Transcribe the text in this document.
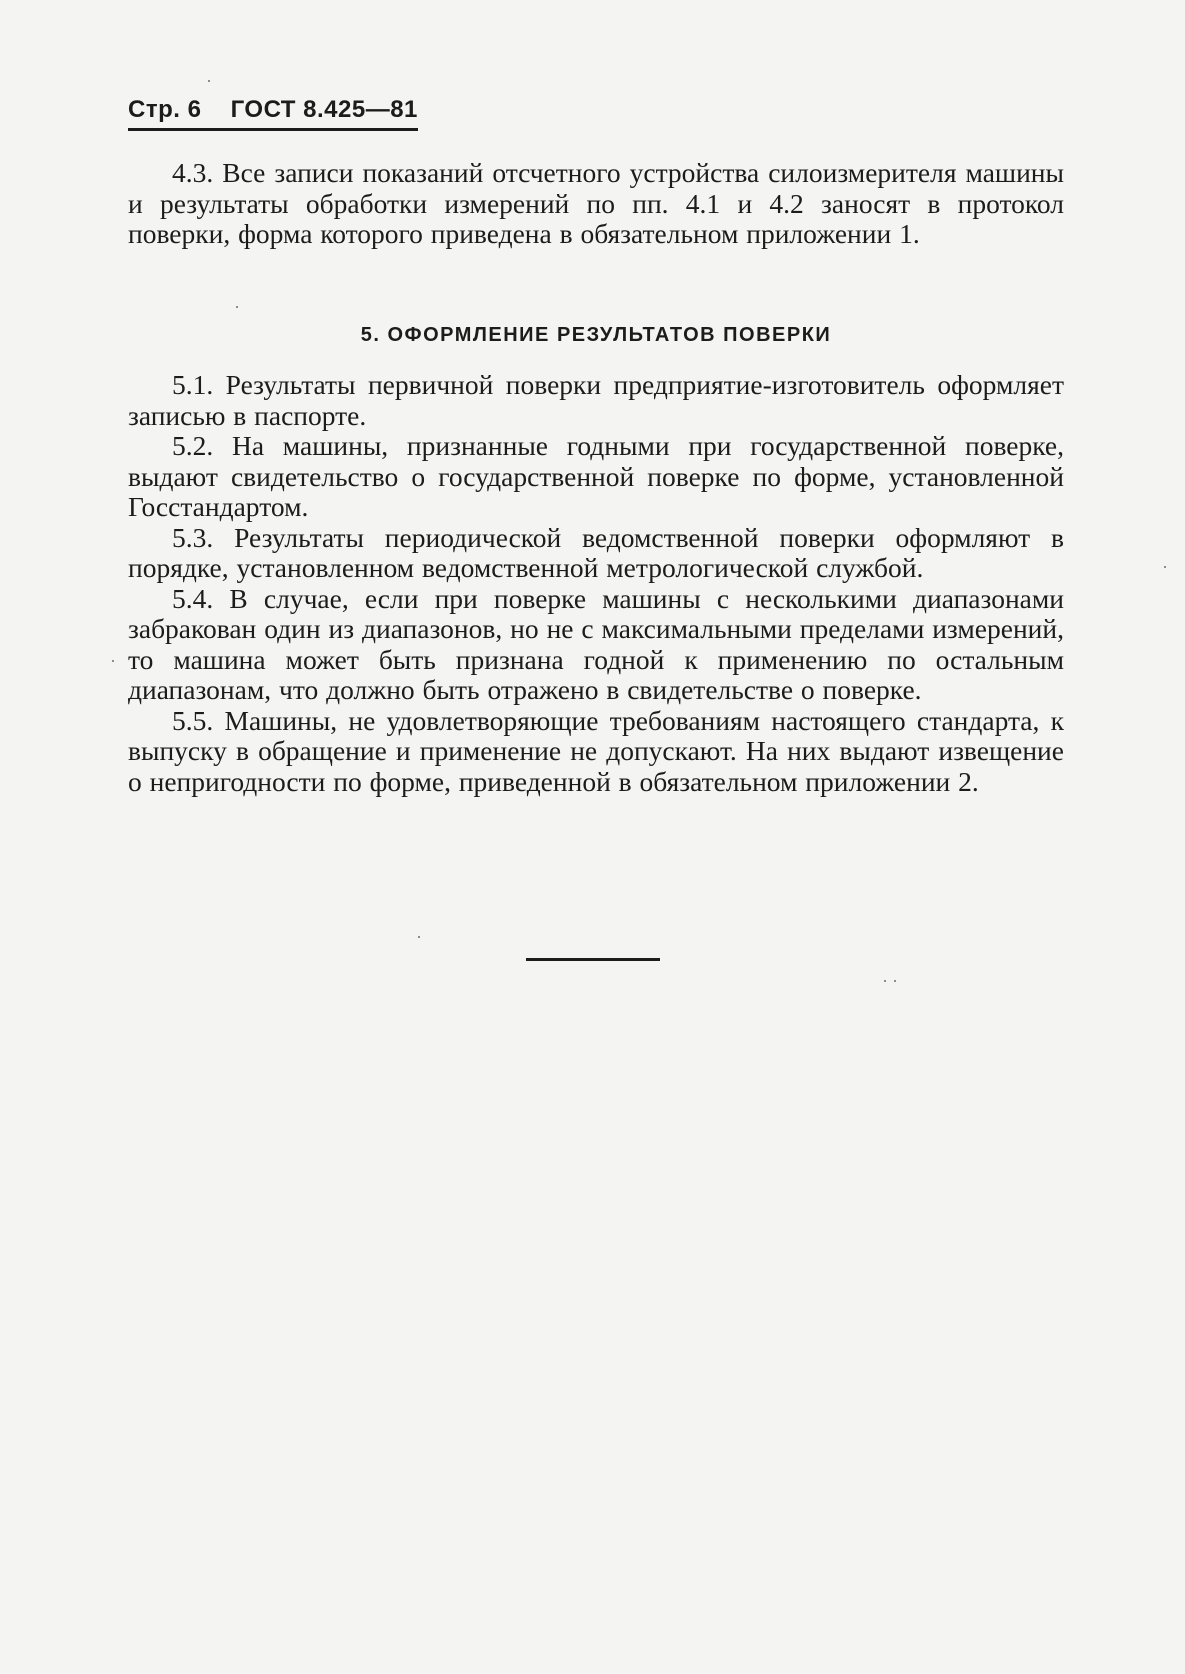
Стр. 6 ГОСТ 8.425—81

4.3. Все записи показаний отсчетного устройства силоизмерителя машины и результаты обработки измерений по пп. 4.1 и 4.2 заносят в протокол поверки, форма которого приведена в обязательном приложении 1.

5. ОФОРМЛЕНИЕ РЕЗУЛЬТАТОВ ПОВЕРКИ

5.1. Результаты первичной поверки предприятие-изготовитель оформляет записью в паспорте.

5.2. На машины, признанные годными при государственной поверке, выдают свидетельство о государственной поверке по форме, установленной Госстандартом.

5.3. Результаты периодической ведомственной поверки оформляют в порядке, установленном ведомственной метрологической службой.

5.4. В случае, если при поверке машины с несколькими диапазонами забракован один из диапазонов, но не с максимальными пределами измерений, то машина может быть признана годной к применению по остальным диапазонам, что должно быть отражено в свидетельстве о поверке.

5.5. Машины, не удовлетворяющие требованиям настоящего стандарта, к выпуску в обращение и применение не допускают. На них выдают извещение о непригодности по форме, приведенной в обязательном приложении 2.
